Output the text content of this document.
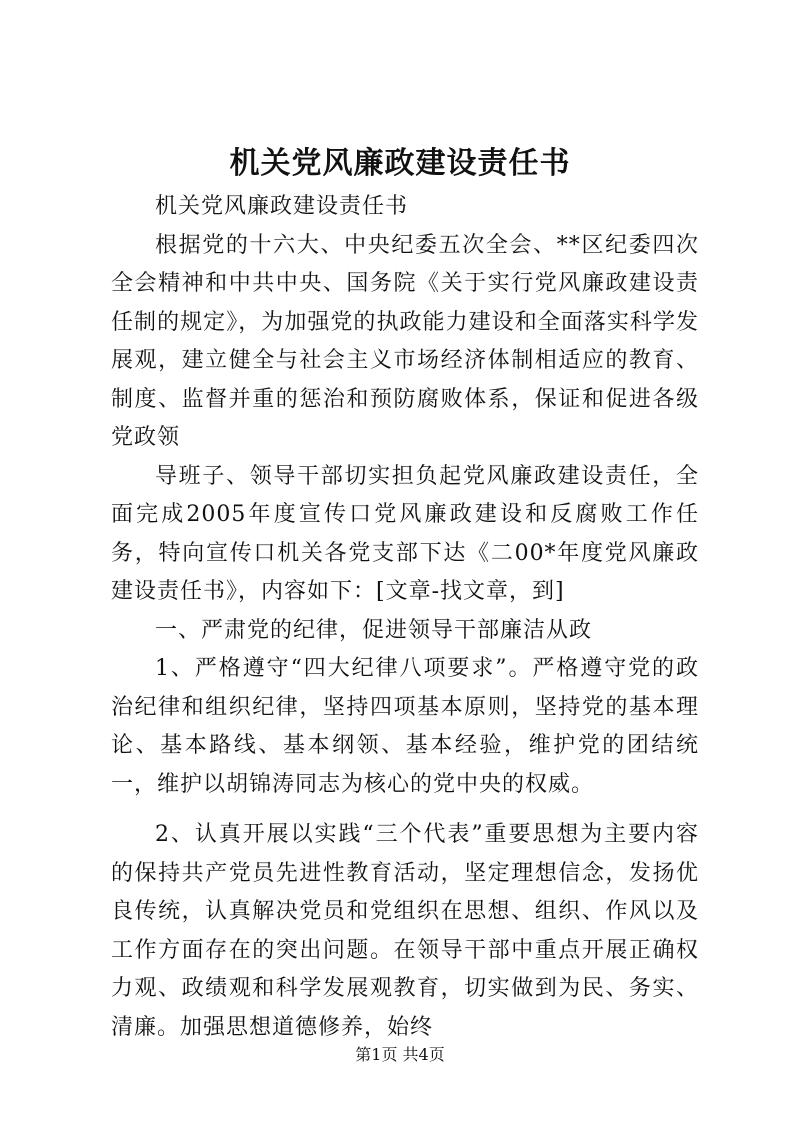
机关党风廉政建设责任书

机关党风廉政建设责任书

根据党的十六大、中央纪委五次全会、**区纪委四次全会精神和中共中央、国务院《关于实行党风廉政建设责任制的规定》，为加强党的执政能力建设和全面落实科学发展观，建立健全与社会主义市场经济体制相适应的教育、制度、监督并重的惩治和预防腐败体系，保证和促进各级党政领

导班子、领导干部切实担负起党风廉政建设责任，全面完成2005年度宣传口党风廉政建设和反腐败工作任务，特向宣传口机关各党支部下达《二00*年度党风廉政建设责任书》，内容如下：[文章-找文章，到]

一、严肃党的纪律，促进领导干部廉洁从政

1、严格遵守“四大纪律八项要求”。严格遵守党的政治纪律和组织纪律，坚持四项基本原则，坚持党的基本理论、基本路线、基本纲领、基本经验，维护党的团结统一，维护以胡锦涛同志为核心的党中央的权威。

2、认真开展以实践“三个代表”重要思想为主要内容的保持共产党员先进性教育活动，坚定理想信念，发扬优良传统，认真解决党员和党组织在思想、组织、作风以及工作方面存在的突出问题。在领导干部中重点开展正确权力观、政绩观和科学发展观教育，切实做到为民、务实、清廉。加强思想道德修养，始终

第1页 共4页
